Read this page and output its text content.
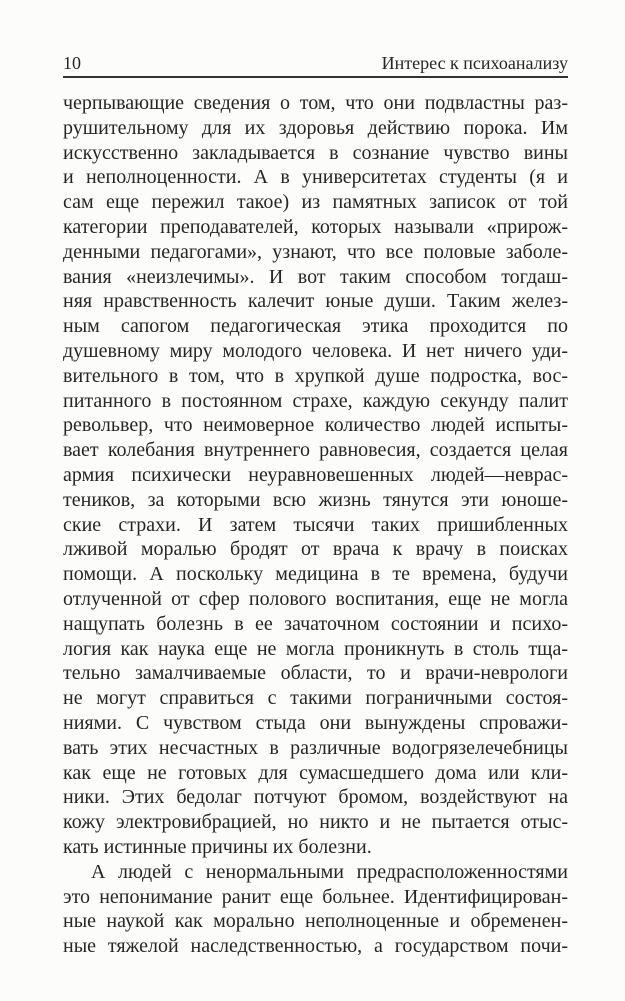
10	Интерес к психоанализу
черпывающие сведения о том, что они подвластны раз-
рушительному для их здоровья действию порока. Им
искусственно закладывается в сознание чувство вины
и неполноценности. А в университетах студенты (я и
сам еще пережил такое) из памятных записок от той
категории преподавателей, которых называли «прирож-
денными педагогами», узнают, что все половые заболе-
вания «неизлечимы». И вот таким способом тогдаш-
няя нравственность калечит юные души. Таким желез-
ным сапогом педагогическая этика проходится по
душевному миру молодого человека. И нет ничего уди-
вительного в том, что в хрупкой душе подростка, вос-
питанного в постоянном страхе, каждую секунду палит
револьвер, что неимоверное количество людей испыты-
вает колебания внутреннего равновесия, создается целая
армия психически неуравновешенных людей—неврас-
теников, за которыми всю жизнь тянутся эти юноше-
ские страхи. И затем тысячи таких пришибленных
лживой моралью бродят от врача к врачу в поисках
помощи. А поскольку медицина в те времена, будучи
отлученной от сфер полового воспитания, еще не могла
нащупать болезнь в ее зачаточном состоянии и психо-
логия как наука еще не могла проникнуть в столь тща-
тельно замалчиваемые области, то и врачи-неврологи
не могут справиться с такими пограничными состоя-
ниями. С чувством стыда они вынуждены спроважи-
вать этих несчастных в различные водогрязелечебницы
как еще не готовых для сумасшедшего дома или кли-
ники. Этих бедолаг потчуют бромом, воздействуют на
кожу электровибрацией, но никто и не пытается отыс-
кать истинные причины их болезни.
А людей с ненормальными предрасположенностями
это непонимание ранит еще больнее. Идентифицирован-
ные наукой как морально неполноценные и обременен-
ные тяжелой наследственностью, а государством почи-
